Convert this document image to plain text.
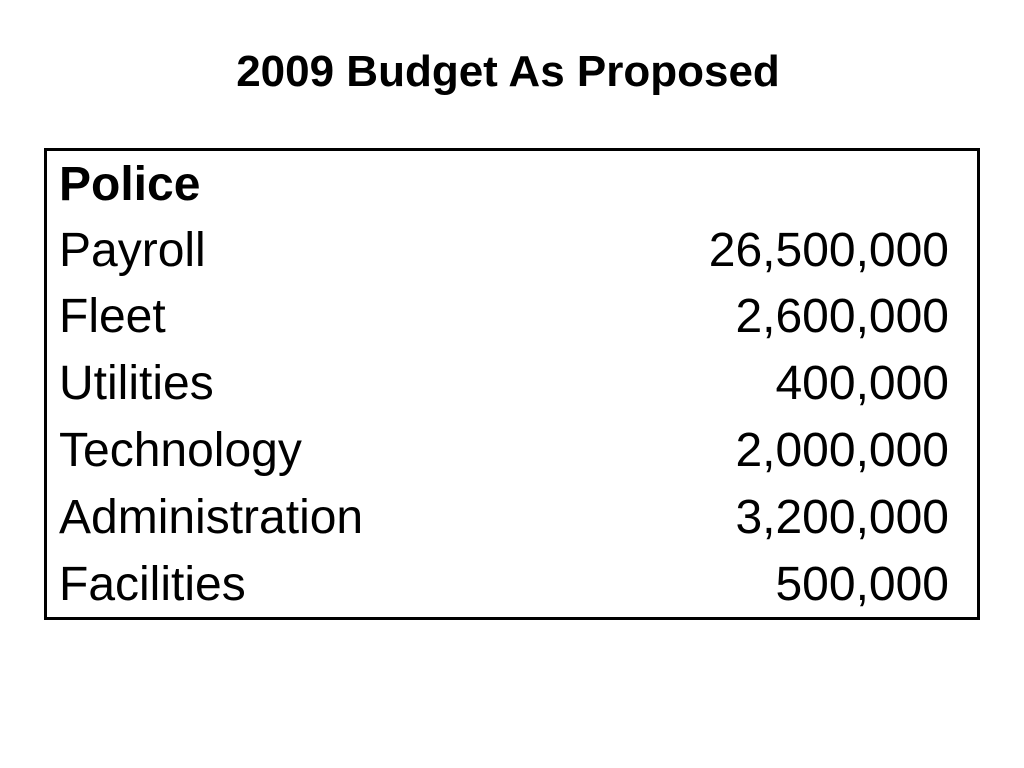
2009 Budget As Proposed
Police
Payroll	26,500,000
Fleet	2,600,000
Utilities	400,000
Technology	2,000,000
Administration	3,200,000
Facilities	500,000
